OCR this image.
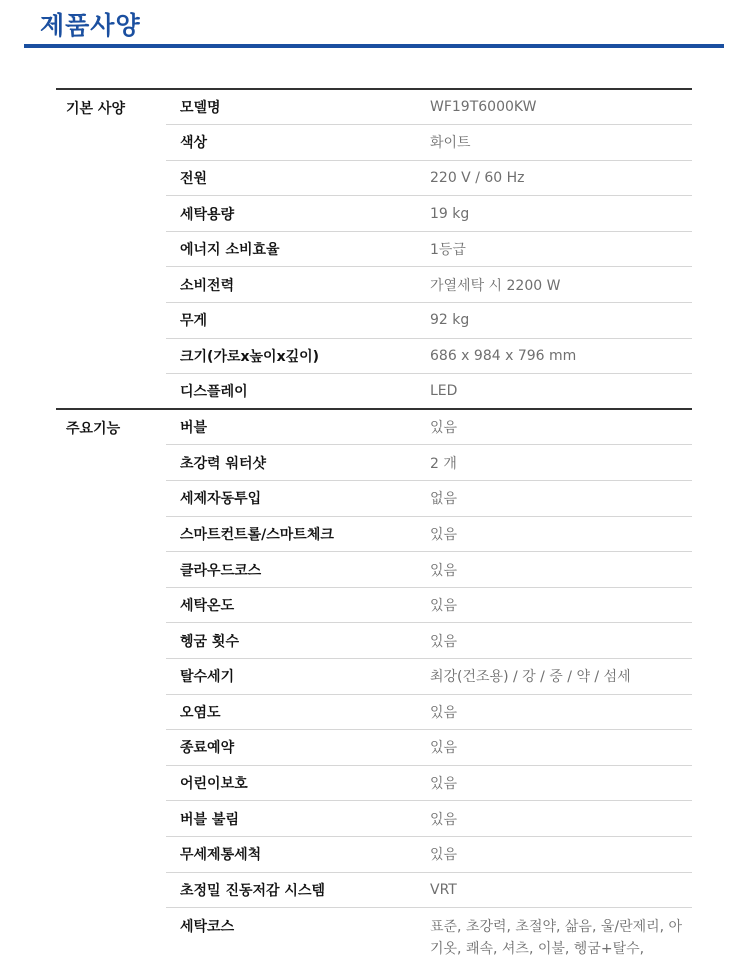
제품사양
기본 사양	모델명	WF19T6000KW
	색상	화이트
	전원	220 V / 60 Hz
	세탁용량	19 kg
	에너지 소비효율	1등급
	소비전력	가열세탁 시 2200 W
	무게	92 kg
	크기(가로x높이x깊이)	686 x 984 x 796 mm
	디스플레이	LED
주요기능	버블	있음
	초강력 워터샷	2 개
	세제자동투입	없음
	스마트컨트롤/스마트체크	있음
	클라우드코스	있음
	세탁온도	있음
	헹굼 횟수	있음
	탈수세기	최강(건조용) / 강 / 중 / 약 / 섬세
	오염도	있음
	종료예약	있음
	어린이보호	있음
	버블 불림	있음
	무세제통세척	있음
	초정밀 진동저감 시스템	VRT
	세탁코스	표준, 초강력, 초절약, 삶음, 울/란제리, 아기옷, 쾌속, 셔츠, 이불, 헹굼+탈수,
